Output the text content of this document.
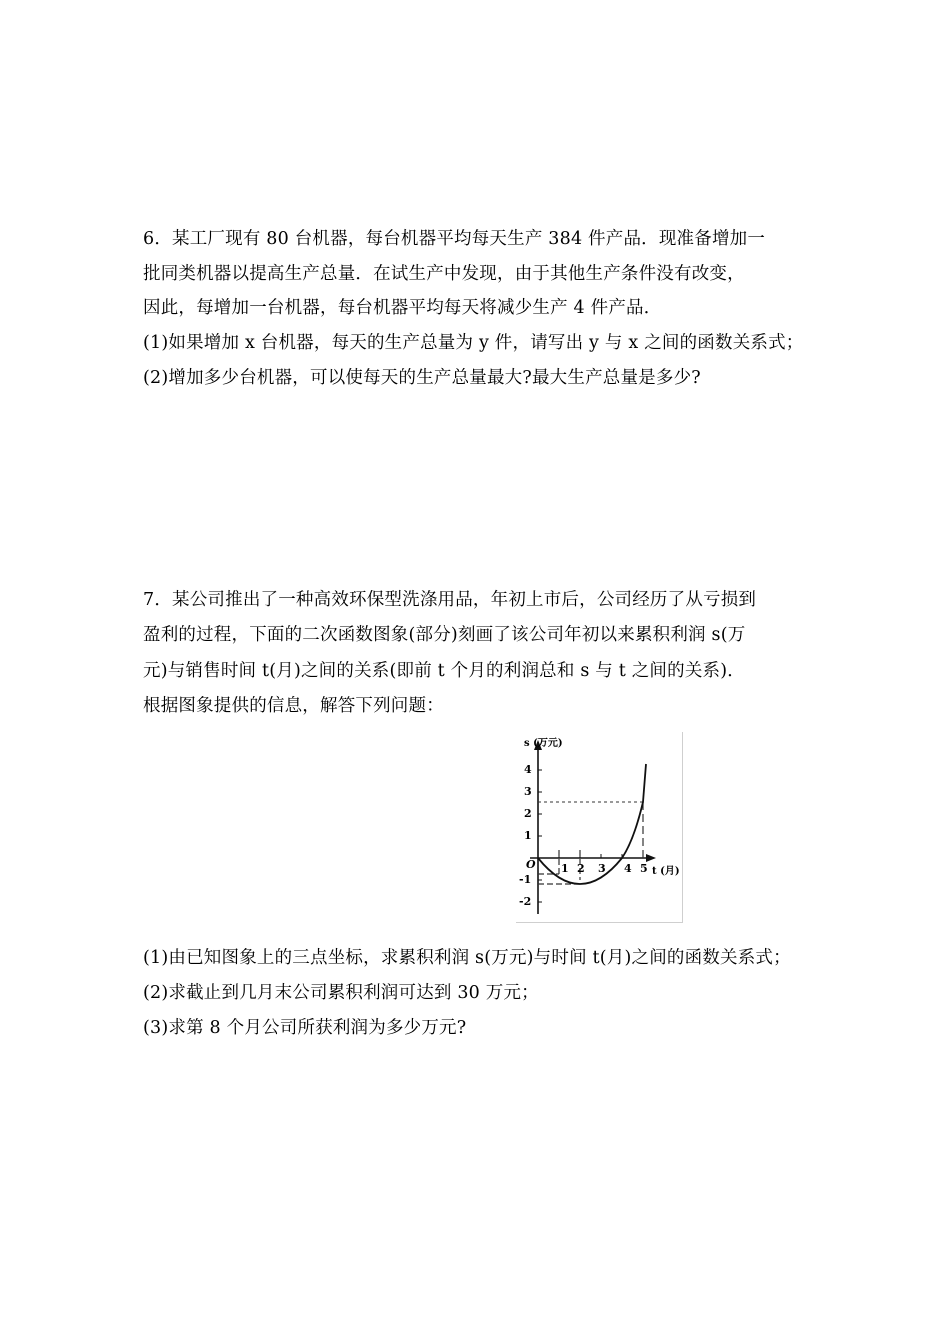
6．某工厂现有 80 台机器，每台机器平均每天生产 384 件产品．现准备增加一
批同类机器以提高生产总量．在试生产中发现，由于其他生产条件没有改变，
因此，每增加一台机器，每台机器平均每天将减少生产 4 件产品．
(1)如果增加 x 台机器，每天的生产总量为 y 件，请写出 y 与 x 之间的函数关系式；
(2)增加多少台机器，可以使每天的生产总量最大?最大生产总量是多少?
7．某公司推出了一种高效环保型洗涤用品，年初上市后，公司经历了从亏损到
盈利的过程，下面的二次函数图象(部分)刻画了该公司年初以来累积利润 s(万
元)与销售时间 t(月)之间的关系(即前 t 个月的利润总和 s 与 t 之间的关系)．
根据图象提供的信息，解答下列问题：
s (万元)
4
3
2
1
O
-1
-2
1 2 3 4 5 t (月)
(1)由已知图象上的三点坐标，求累积利润 s(万元)与时间 t(月)之间的函数关系式；
(2)求截止到几月末公司累积利润可达到 30 万元；
(3)求第 8 个月公司所获利润为多少万元?
